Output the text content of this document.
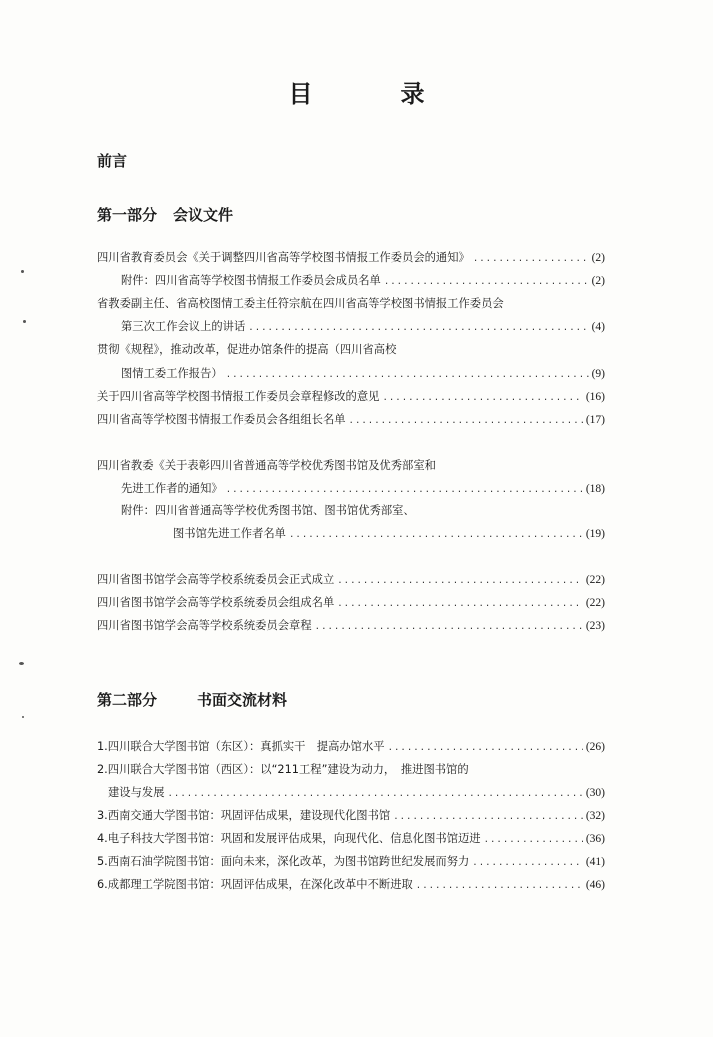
目　录
前言
第一部分 会议文件
第二部分	书面交流材料
四川省教育委员会《关于调整四川省高等学校图书情报工作委员会的通知》 .....	(2)
附件：四川省高等学校图书情报工作委员会成员名单 .....	(2)
省教委副主任、省高校图情工委主任符宗航在四川省高等学校图书情报工作委员会
第三次工作会议上的讲话 .....	(4)
贯彻《规程》，推动改革，促进办馆条件的提高（四川省高校
图情工委工作报告） .....	(9)
关于四川省高等学校图书情报工作委员会章程修改的意见 .....	(16)
四川省高等学校图书情报工作委员会各组组长名单 .....	(17)
四川省教委《关于表彰四川省普通高等学校优秀图书馆及优秀部室和
先进工作者的通知》 .....	(18)
附件：四川省普通高等学校优秀图书馆、图书馆优秀部室、
图书馆先进工作者名单 .....	(19)
四川省图书馆学会高等学校系统委员会正式成立 .....	(22)
四川省图书馆学会高等学校系统委员会组成名单 .....	(22)
四川省图书馆学会高等学校系统委员会章程 .....	(23)
1.四川联合大学图书馆（东区）：真抓实干　提高办馆水平 .....	(26)
2.四川联合大学图书馆（西区）：以“211工程”建设为动力，　推进图书馆的
建设与发展 .....	(30)
3.西南交通大学图书馆：巩固评估成果，建设现代化图书馆 .....	(32)
4.电子科技大学图书馆：巩固和发展评估成果，向现代化、信息化图书馆迈进 .....	(36)
5.西南石油学院图书馆：面向未来，深化改革，为图书馆跨世纪发展而努力 .....	(41)
6.成都理工学院图书馆：巩固评估成果，在深化改革中不断进取 .....	(46)
